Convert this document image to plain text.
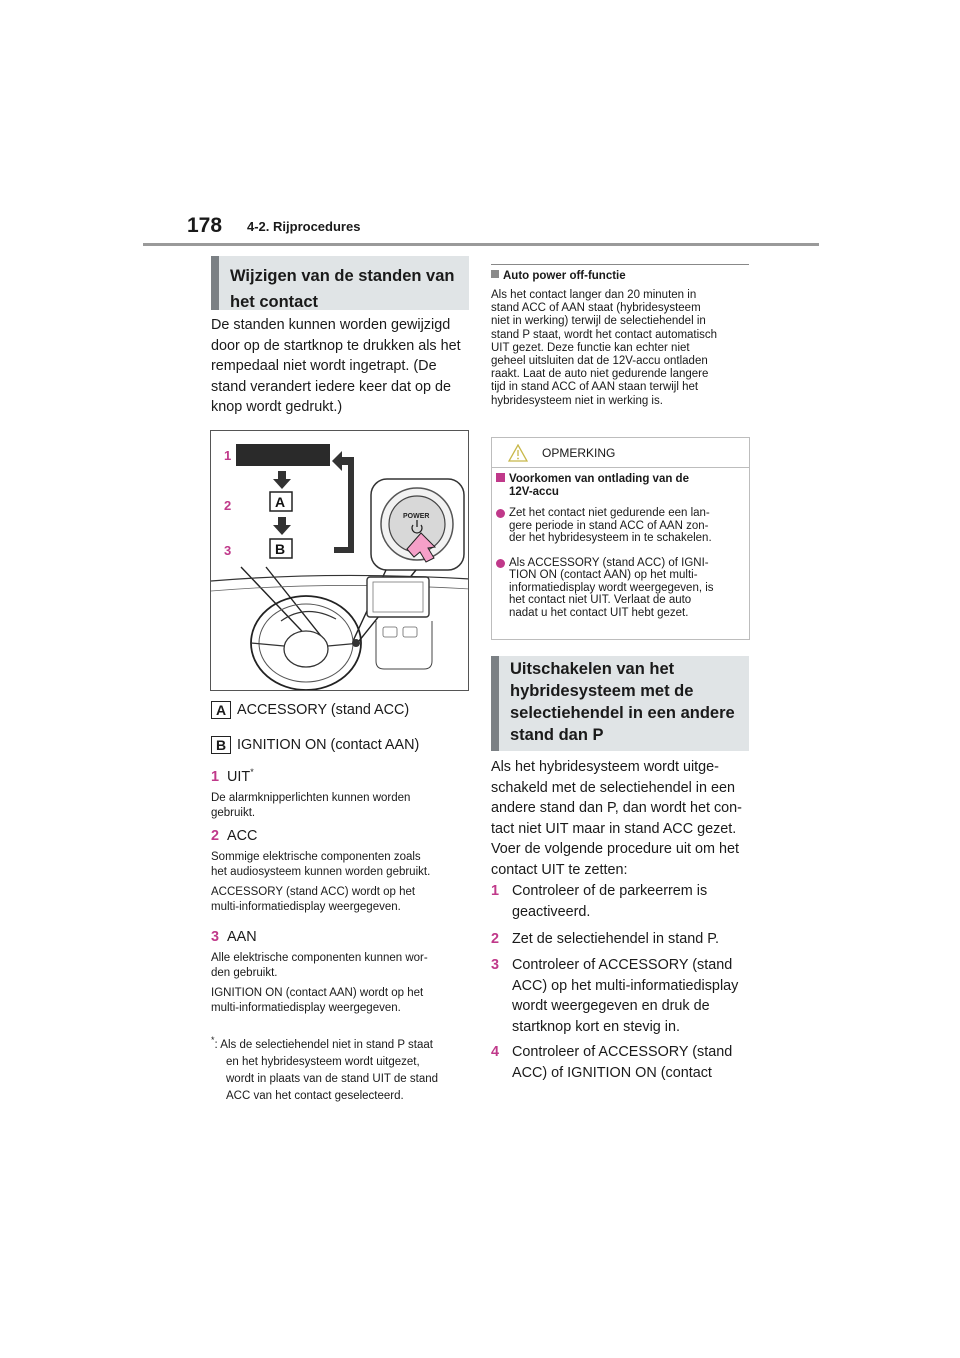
178 4-2. Rijprocedures
Wijzigen van de standen van
het contact
De standen kunnen worden gewijzigd
door op de startknop te drukken als het
rempedaal niet wordt ingetrapt. (De
stand verandert iedere keer dat op de
knop wordt gedrukt.)
1
2
3
A
B
POWER
A ACCESSORY (stand ACC)
B IGNITION ON (contact AAN)
1 UIT*
De alarmknipperlichten kunnen worden
gebruikt.
2 ACC
Sommige elektrische componenten zoals
het audiosysteem kunnen worden gebruikt.
ACCESSORY (stand ACC) wordt op het
multi-informatiedisplay weergegeven.
3 AAN
Alle elektrische componenten kunnen wor-
den gebruikt.
IGNITION ON (contact AAN) wordt op het
multi-informatiedisplay weergegeven.
*: Als de selectiehendel niet in stand P staat
en het hybridesysteem wordt uitgezet,
wordt in plaats van de stand UIT de stand
ACC van het contact geselecteerd.
Auto power off-functie
Als het contact langer dan 20 minuten in
stand ACC of AAN staat (hybridesysteem
niet in werking) terwijl de selectiehendel in
stand P staat, wordt het contact automatisch
UIT gezet. Deze functie kan echter niet
geheel uitsluiten dat de 12V-accu ontladen
raakt. Laat de auto niet gedurende langere
tijd in stand ACC of AAN staan terwijl het
hybridesysteem niet in werking is.
OPMERKING
Voorkomen van ontlading van de
12V-accu
Zet het contact niet gedurende een lan-
gere periode in stand ACC of AAN zon-
der het hybridesysteem in te schakelen.
Als ACCESSORY (stand ACC) of IGNI-
TION ON (contact AAN) op het multi-
informatiedisplay wordt weergegeven, is
het contact niet UIT. Verlaat de auto
nadat u het contact UIT hebt gezet.
Uitschakelen van het
hybridesysteem met de
selectiehendel in een andere
stand dan P
Als het hybridesysteem wordt uitge-
schakeld met de selectiehendel in een
andere stand dan P, dan wordt het con-
tact niet UIT maar in stand ACC gezet.
Voer de volgende procedure uit om het
contact UIT te zetten:
1 Controleer of de parkeerrem is
geactiveerd.
2 Zet de selectiehendel in stand P.
3 Controleer of ACCESSORY (stand
ACC) op het multi-informatiedisplay
wordt weergegeven en druk de
startknop kort en stevig in.
4 Controleer of ACCESSORY (stand
ACC) of IGNITION ON (contact
